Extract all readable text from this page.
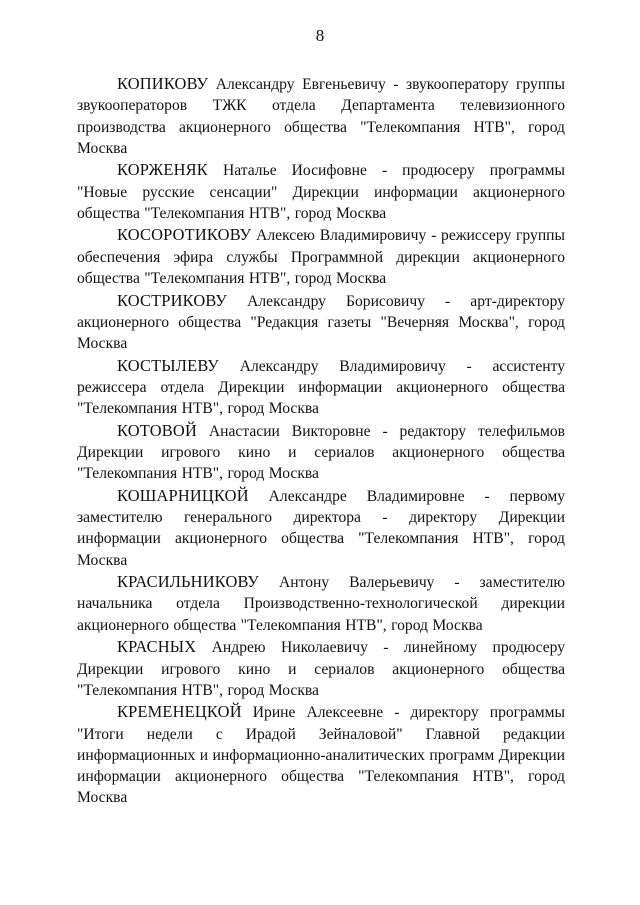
8

КОПИКОВУ Александру Евгеньевичу - звукооператору группы звукооператоров ТЖК отдела Департамента телевизионного производства акционерного общества "Телекомпания НТВ", город Москва

КОРЖЕНЯК Наталье Иосифовне - продюсеру программы "Новые русские сенсации" Дирекции информации акционерного общества "Телекомпания НТВ", город Москва

КОСОРОТИКОВУ Алексею Владимировичу - режиссеру группы обеспечения эфира службы Программной дирекции акционерного общества "Телекомпания НТВ", город Москва

КОСТРИКОВУ Александру Борисовичу - арт-директору акционерного общества "Редакция газеты "Вечерняя Москва", город Москва

КОСТЫЛЕВУ Александру Владимировичу - ассистенту режиссера отдела Дирекции информации акционерного общества "Телекомпания НТВ", город Москва

КОТОВОЙ Анастасии Викторовне - редактору телефильмов Дирекции игрового кино и сериалов акционерного общества "Телекомпания НТВ", город Москва

КОШАРНИЦКОЙ Александре Владимировне - первому заместителю генерального директора - директору Дирекции информации акционерного общества "Телекомпания НТВ", город Москва

КРАСИЛЬНИКОВУ Антону Валерьевичу - заместителю начальника отдела Производственно-технологической дирекции акционерного общества "Телекомпания НТВ", город Москва

КРАСНЫХ Андрею Николаевичу - линейному продюсеру Дирекции игрового кино и сериалов акционерного общества "Телекомпания НТВ", город Москва

КРЕМЕНЕЦКОЙ Ирине Алексеевне - директору программы "Итоги недели с Ирадой Зейналовой" Главной редакции информационных и информационно-аналитических программ Дирекции информации акционерного общества "Телекомпания НТВ", город Москва
